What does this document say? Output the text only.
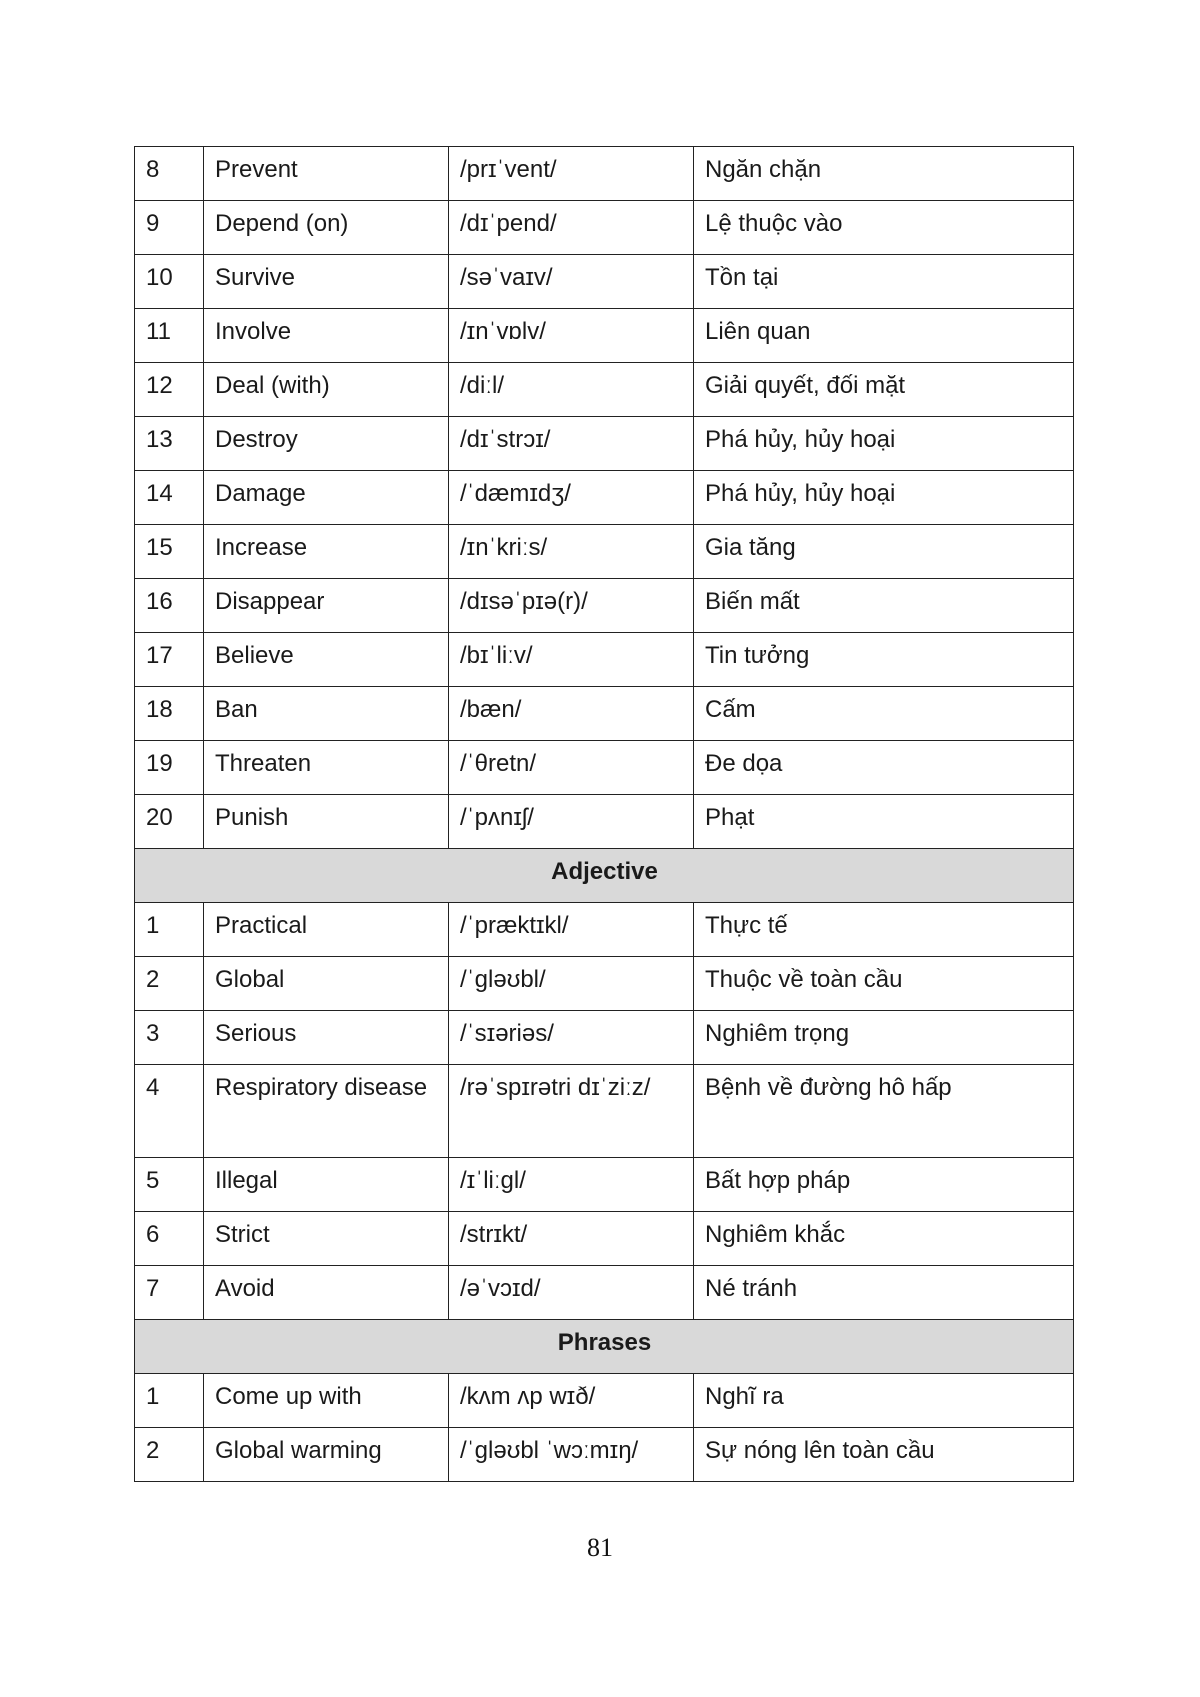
8	Prevent	/prɪˈvent/	Ngăn chặn
9	Depend (on)	/dɪˈpend/	Lệ thuộc vào
10	Survive	/səˈvaɪv/	Tồn tại
11	Involve	/ɪnˈvɒlv/	Liên quan
12	Deal (with)	/diːl/	Giải quyết, đối mặt
13	Destroy	/dɪˈstrɔɪ/	Phá hủy, hủy hoại
14	Damage	/ˈdæmɪdʒ/	Phá hủy, hủy hoại
15	Increase	/ɪnˈkriːs/	Gia tăng
16	Disappear	/dɪsəˈpɪə(r)/	Biến mất
17	Believe	/bɪˈliːv/	Tin tưởng
18	Ban	/bæn/	Cấm
19	Threaten	/ˈθretn/	Đe dọa
20	Punish	/ˈpʌnɪʃ/	Phạt
Adjective			
1	Practical	/ˈpræktɪkl/	Thực tế
2	Global	/ˈɡləʊbl/	Thuộc về toàn cầu
3	Serious	/ˈsɪəriəs/	Nghiêm trọng
4	Respiratory disease	/rəˈspɪrətri dɪˈziːz/	Bệnh về đường hô hấp
5	Illegal	/ɪˈliːɡl/	Bất hợp pháp
6	Strict	/strɪkt/	Nghiêm khắc
7	Avoid	/əˈvɔɪd/	Né tránh
Phrases			
1	Come up with	/kʌm ʌp wɪð/	Nghĩ ra
2	Global warming	/ˈɡləʊbl ˈwɔːmɪŋ/	Sự nóng lên toàn cầu
81
